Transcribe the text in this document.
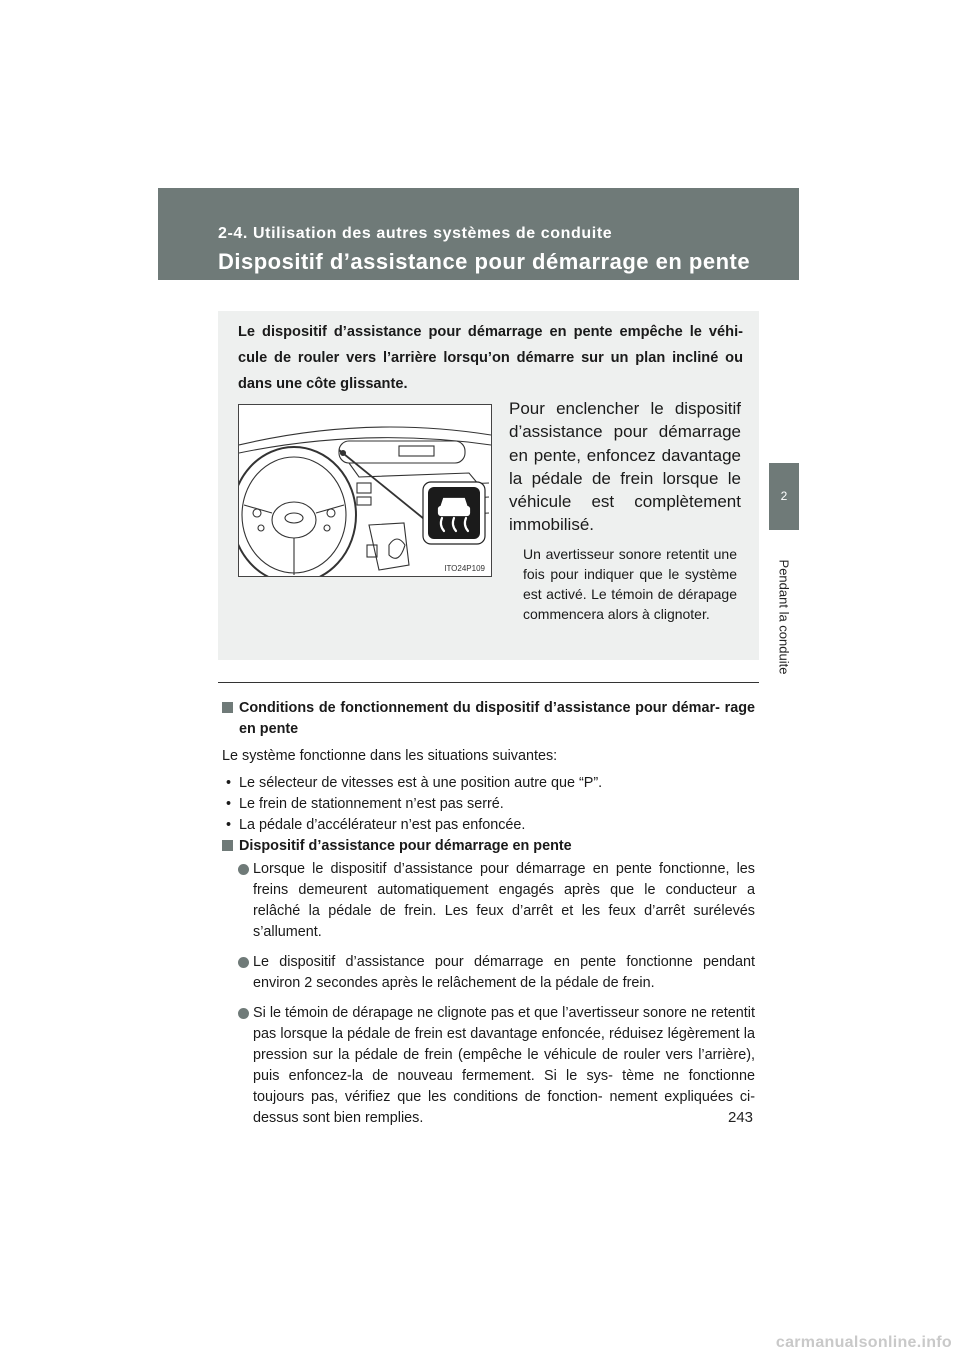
2-4. Utilisation des autres systèmes de conduite
Dispositif d’assistance pour démarrage en pente
2
Pendant la conduite
Le dispositif d’assistance pour démarrage en pente empêche le véhi- cule de rouler vers l’arrière lorsqu’on démarre sur un plan incliné ou dans une côte glissante.
ITO24P109
Pour enclencher le dispositif d’assistance pour démarrage en pente, enfoncez davantage la pédale de frein lorsque le véhicule est complètement immobilisé.
Un avertisseur sonore retentit une fois pour indiquer que le système est activé. Le témoin de dérapage commencera alors à clignoter.
Conditions de fonctionnement du dispositif d’assistance pour démar- rage en pente

Le système fonctionne dans les situations suivantes:

• Le sélecteur de vitesses est à une position autre que “P”.
• Le frein de stationnement n’est pas serré.
• La pédale d’accélérateur n’est pas enfoncée.
Dispositif d’assistance pour démarrage en pente
Lorsque le dispositif d’assistance pour démarrage en pente fonctionne, les freins demeurent automatiquement engagés après que le conducteur a relâché la pédale de frein. Les feux d’arrêt et les feux d’arrêt surélevés s’allument.
Le dispositif d’assistance pour démarrage en pente fonctionne pendant environ 2 secondes après le relâchement de la pédale de frein.
Si le témoin de dérapage ne clignote pas et que l’avertisseur sonore ne retentit pas lorsque la pédale de frein est davantage enfoncée, réduisez légèrement la pression sur la pédale de frein (empêche le véhicule de rouler vers l’arrière), puis enfoncez-la de nouveau fermement. Si le sys- tème ne fonctionne toujours pas, vérifiez que les conditions de fonction- nement expliquées ci-dessus sont bien remplies.	243
carmanualsonline.info
